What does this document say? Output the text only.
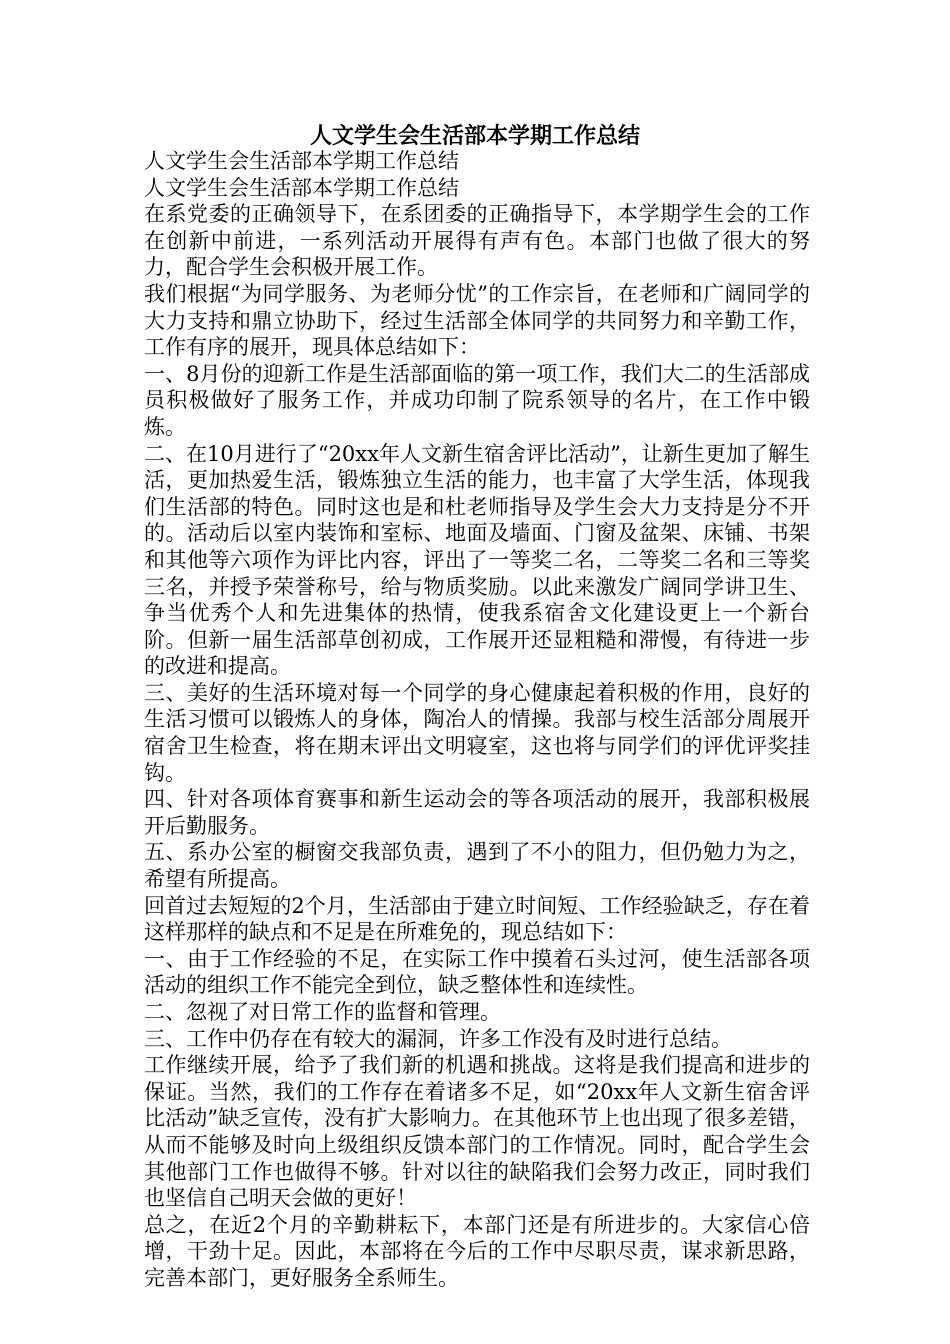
人文学生会生活部本学期工作总结

人文学生会生活部本学期工作总结

人文学生会生活部本学期工作总结

在系党委的正确领导下，在系团委的正确指导下，本学期学生会的工作在创新中前进，一系列活动开展得有声有色。本部门也做了很大的努力，配合学生会积极开展工作。

我们根据“为同学服务、为老师分忧”的工作宗旨，在老师和广阔同学的大力支持和鼎立协助下，经过生活部全体同学的共同努力和辛勤工作，工作有序的展开，现具体总结如下：

一、8月份的迎新工作是生活部面临的第一项工作，我们大二的生活部成员积极做好了服务工作，并成功印制了院系领导的名片，在工作中锻炼。

二、在10月进行了“20xx年人文新生宿舍评比活动”，让新生更加了解生活，更加热爱生活，锻炼独立生活的能力，也丰富了大学生活，体现我们生活部的特色。同时这也是和杜老师指导及学生会大力支持是分不开的。活动后以室内装饰和室标、地面及墙面、门窗及盆架、床铺、书架和其他等六项作为评比内容，评出了一等奖二名，二等奖二名和三等奖三名，并授予荣誉称号，给与物质奖励。以此来激发广阔同学讲卫生、争当优秀个人和先进集体的热情，使我系宿舍文化建设更上一个新台阶。但新一届生活部草创初成，工作展开还显粗糙和滞慢，有待进一步的改进和提高。

三、美好的生活环境对每一个同学的身心健康起着积极的作用，良好的生活习惯可以锻炼人的身体，陶冶人的情操。我部与校生活部分周展开宿舍卫生检查，将在期末评出文明寝室，这也将与同学们的评优评奖挂钩。

四、针对各项体育赛事和新生运动会的等各项活动的展开，我部积极展开后勤服务。

五、系办公室的橱窗交我部负责，遇到了不小的阻力，但仍勉力为之，希望有所提高。

回首过去短短的2个月，生活部由于建立时间短、工作经验缺乏，存在着这样那样的缺点和不足是在所难免的，现总结如下：

一、由于工作经验的不足，在实际工作中摸着石头过河，使生活部各项活动的组织工作不能完全到位，缺乏整体性和连续性。

二、忽视了对日常工作的监督和管理。

三、工作中仍存在有较大的漏洞，许多工作没有及时进行总结。

工作继续开展，给予了我们新的机遇和挑战。这将是我们提高和进步的保证。当然，我们的工作存在着诸多不足，如“20xx年人文新生宿舍评比活动”缺乏宣传，没有扩大影响力。在其他环节上也出现了很多差错，从而不能够及时向上级组织反馈本部门的工作情况。同时，配合学生会其他部门工作也做得不够。针对以往的缺陷我们会努力改正，同时我们也坚信自己明天会做的更好！

总之，在近2个月的辛勤耕耘下，本部门还是有所进步的。大家信心倍增，干劲十足。因此，本部将在今后的工作中尽职尽责，谋求新思路，完善本部门，更好服务全系师生。
